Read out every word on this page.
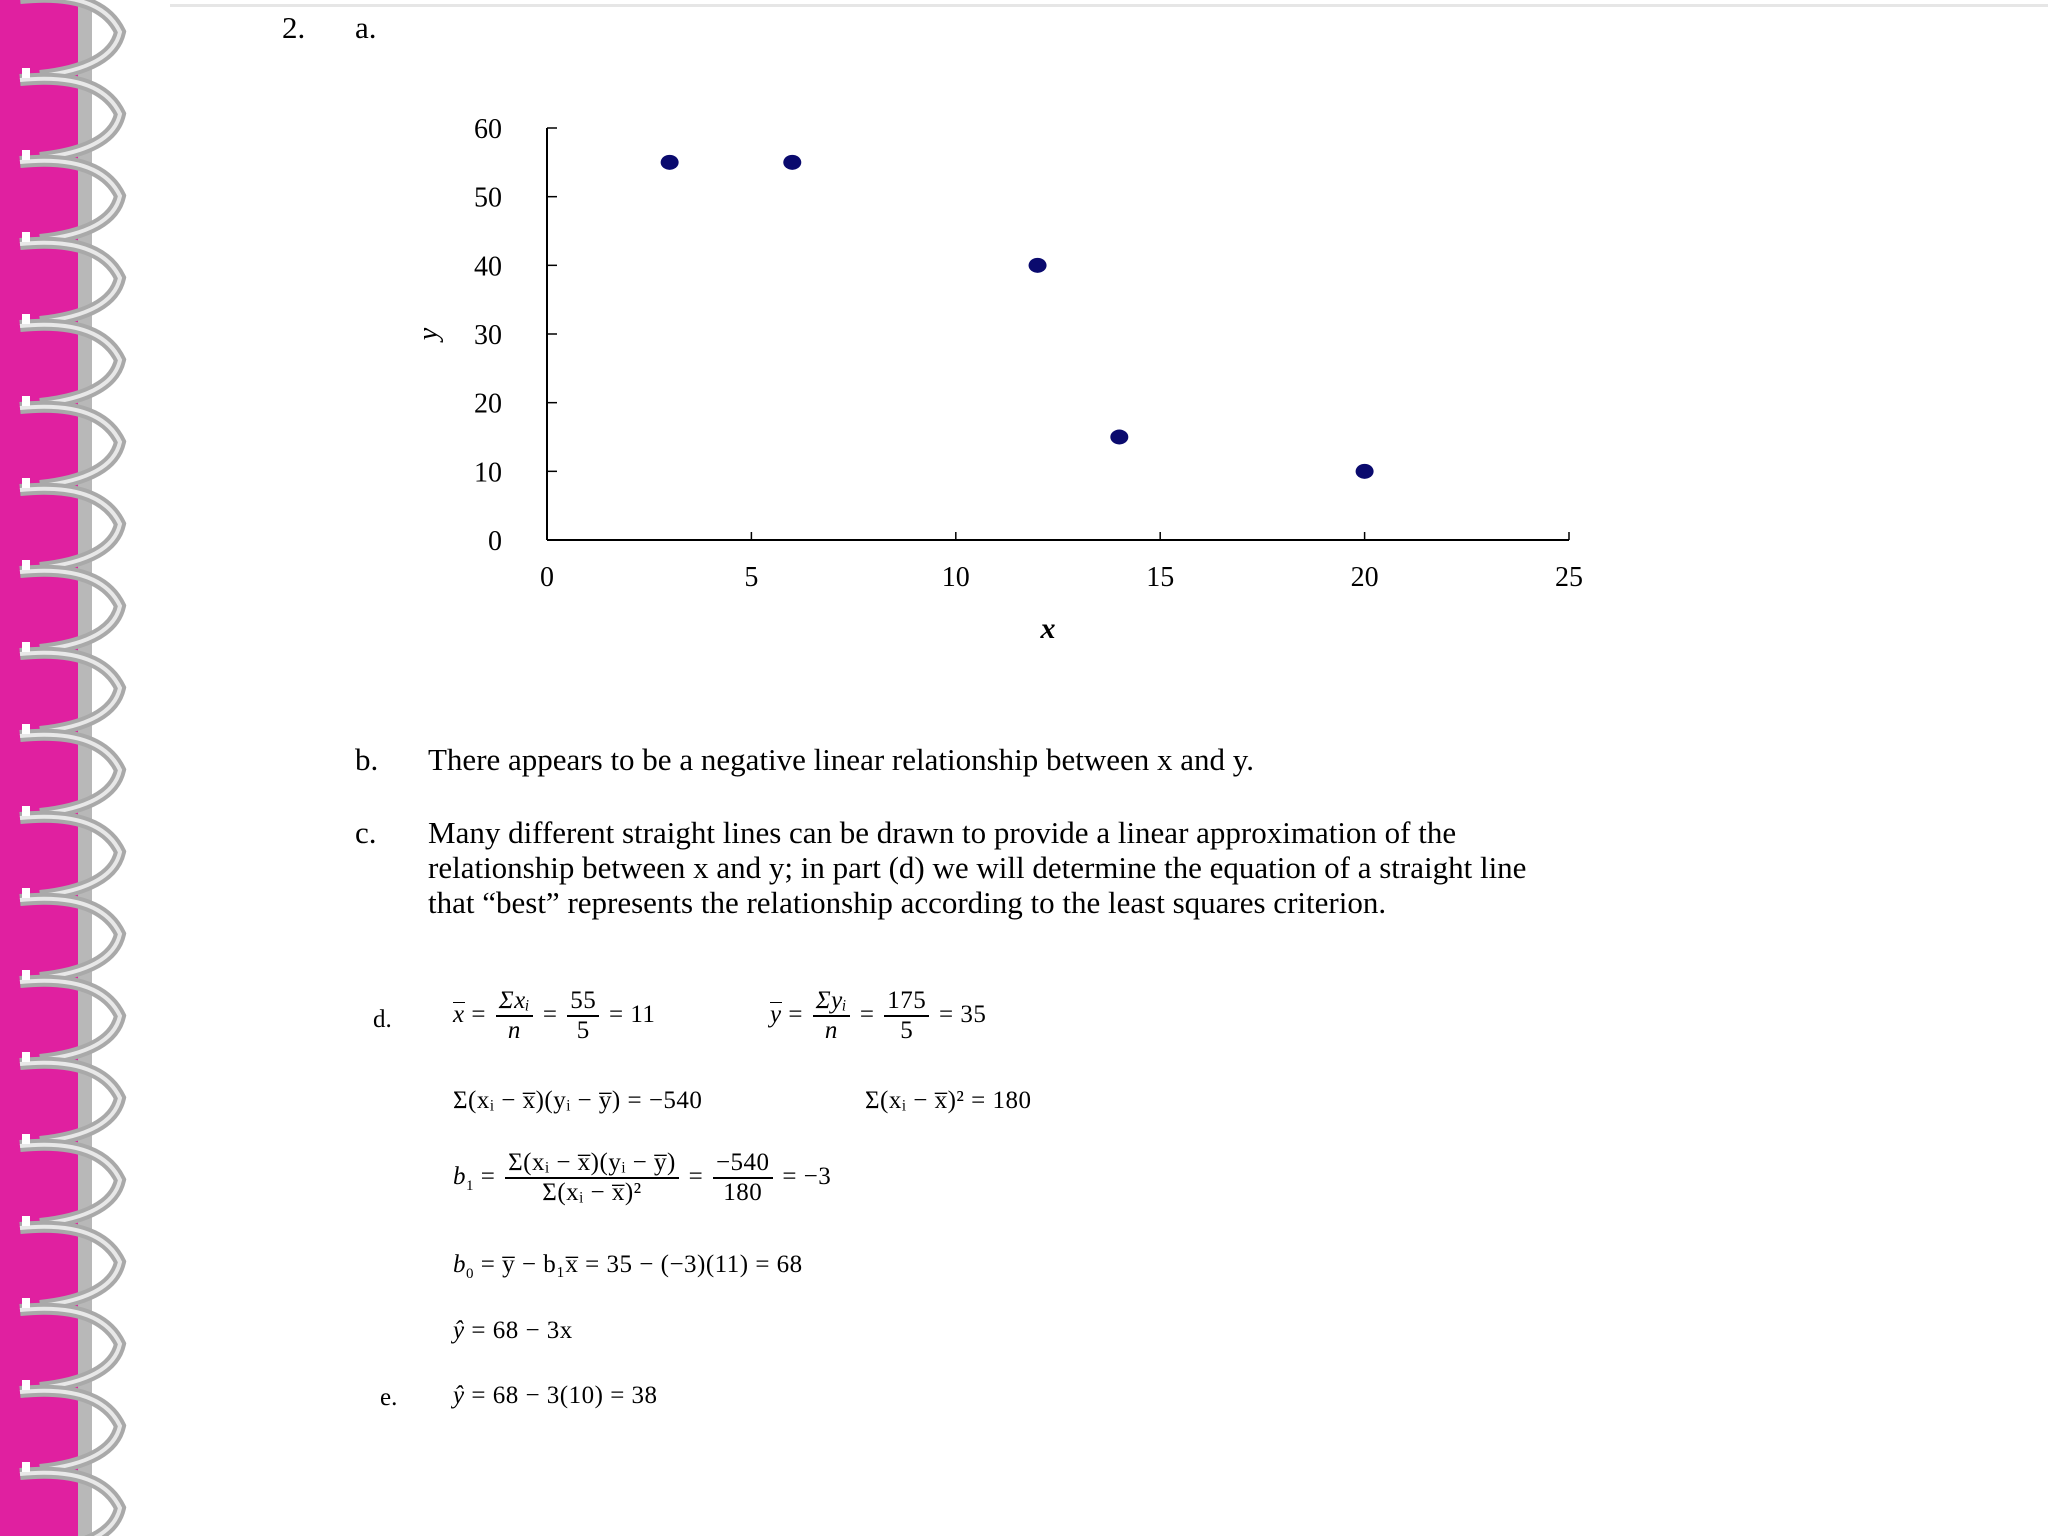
2. a.
0	5	10	15	20	25
0
10
20
30
40
50
60
x
y
b. There appears to be a negative linear relationship between x and y.
c. Many different straight lines can be drawn to provide a linear approximation of the
relationship between x and y; in part (d) we will determine the equation of a straight line
that “best” represents the relationship according to the least squares criterion.
d. $x = \frac{\text{Σxᵢ}}{n} = \frac{55}{5} = 11$	$y = \frac{\text{Σyᵢ}}{n} = \frac{175}{5} = 35$
Σ(xᵢ − x̅)(yᵢ − y̅) = −540	Σ(xᵢ − x̅)² = 180
$b_1 = \frac{\text{Σ(xᵢ − x̅)(yᵢ − y̅)}}{\text{Σ(xᵢ − x̅)²}} = \frac{-540}{180} = -3$
$b_0$ = y̅ − b₁x̅ = 35 − (−3)(11) = 68
ŷ = 68 − 3x
e. ŷ = 68 − 3(10) = 38
